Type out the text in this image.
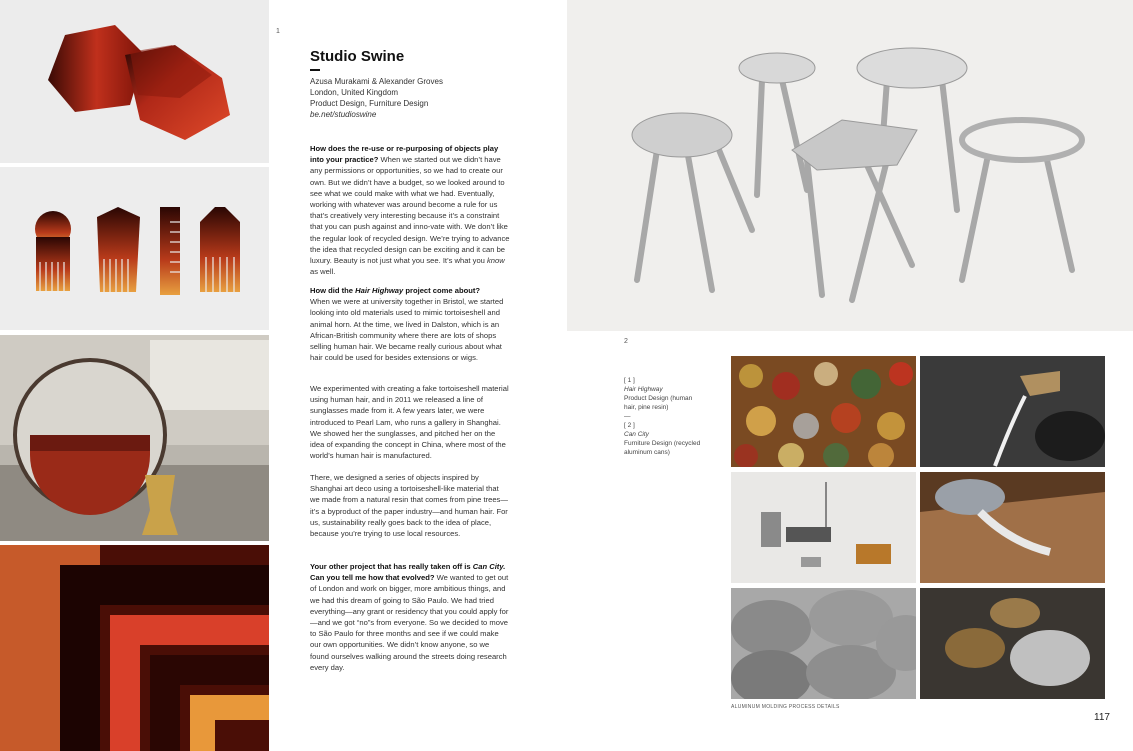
1
Studio Swine
Azusa Murakami & Alexander Groves
London, United Kingdom
Product Design, Furniture Design
be.net/studioswine
How does the re-use or re-purposing of objects play into your practice? When we started out we didn’t have any permissions or opportunities, so we had to create our own. But we didn’t have a budget, so we looked around to see what we could make with what we had. Eventually, working with whatever was around become a rule for us that’s creatively very interesting because it’s a constraint that you can push against and inno-vate with. We don’t like the regular look of recycled design. We’re trying to advance the idea that recycled design can be exciting and it can be luxury. Beauty is not just what you see. It’s what you know as well.
How did the Hair Highway project come about?
When we were at university together in Bristol, we started looking into old materials used to mimic tortoiseshell and animal horn. At the time, we lived in Dalston, which is an African-British community where there are lots of shops selling human hair. We became really curious about what hair could be used for besides extensions or wigs.
We experimented with creating a fake tortoiseshell material using human hair, and in 2011 we released a line of sunglasses made from it. A few years later, we were introduced to Pearl Lam, who runs a gallery in Shanghai. We showed her the sunglasses, and pitched her on the idea of expanding the concept in China, where most of the world’s human hair is manufactured.
There, we designed a series of objects inspired by Shanghai art deco using a tortoiseshell-like material that we made from a natural resin that comes from pine trees—it’s a byproduct of the paper industry—and human hair. For us, sustainability really goes back to the idea of place, because you’re trying to use local resources.
Your other project that has really taken off is Can City. Can you tell me how that evolved? We wanted to get out of London and work on bigger, more ambitious things, and we had this dream of going to São Paulo. We had tried everything—any grant or residency that you could apply for—and we got “no”s from everyone. So we decided to move to São Paulo for three months and see if we could make our own opportunities. We didn’t know anyone, so we found ourselves walking around the streets doing research every day.
2
[ 1 ]
Hair Highway
Product Design (human
hair, pine resin)
—
[ 2 ]
Can City
Furniture Design (recycled
aluminum cans)
ALUMINUM MOLDING PROCESS DETAILS
117
